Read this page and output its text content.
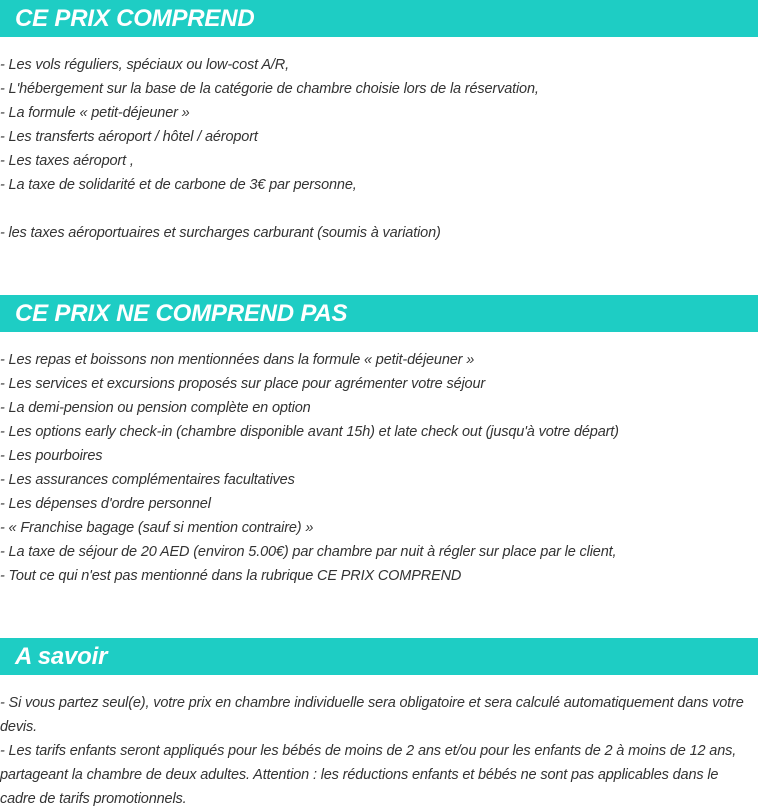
CE PRIX COMPREND
- Les vols réguliers, spéciaux ou low-cost A/R,
- L'hébergement sur la base de la catégorie de chambre choisie lors de la réservation,
- La formule « petit-déjeuner »
- Les transferts aéroport / hôtel / aéroport
- Les taxes aéroport ,
- La taxe de solidarité et de carbone de 3€ par personne,
- les taxes aéroportuaires et surcharges carburant (soumis à variation)
CE PRIX NE COMPREND PAS
- Les repas et boissons non mentionnées dans la formule « petit-déjeuner »
- Les services et excursions proposés sur place pour agrémenter votre séjour
- La demi-pension ou pension complète en option
- Les options early check-in (chambre disponible avant 15h) et late check out (jusqu'à votre départ)
- Les pourboires
- Les assurances complémentaires facultatives
- Les dépenses d'ordre personnel
- « Franchise bagage (sauf si mention contraire) »
- La taxe de séjour de 20 AED (environ 5.00€) par chambre par nuit à régler sur place par le client,
- Tout ce qui n'est pas mentionné dans la rubrique CE PRIX COMPREND
A savoir

- Si vous partez seul(e), votre prix en chambre individuelle sera obligatoire et sera calculé automatiquement dans votre devis.

- Les tarifs enfants seront appliqués pour les bébés de moins de 2 ans et/ou pour les enfants de 2 à moins de 12 ans, partageant la chambre de deux adultes. Attention : les réductions enfants et bébés ne sont pas applicables dans le cadre de tarifs promotionnels.
